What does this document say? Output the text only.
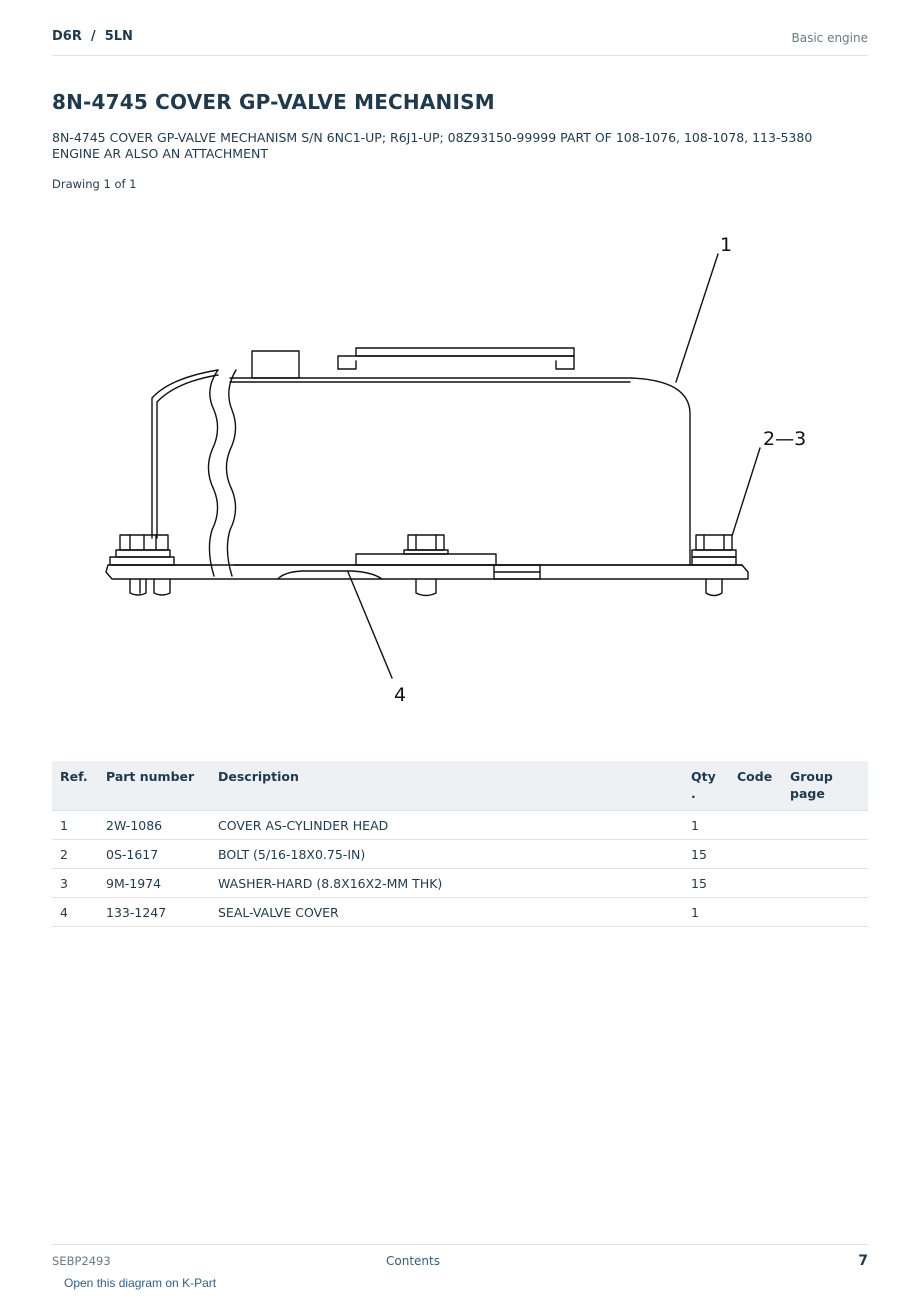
D6R  /  5LN	Basic engine
8N-4745 COVER GP-VALVE MECHANISM

8N-4745 COVER GP-VALVE MECHANISM S/N 6NC1-UP; R6J1-UP; 08Z93150-99999 PART OF 108-1076, 108-1078, 113-5380 ENGINE AR ALSO AN ATTACHMENT

Drawing 1 of 1
1
2—3
4
Ref.	Part number	Description	Qty .	Code	Group page
1	2W-1086	COVER AS-CYLINDER HEAD	1		
2	0S-1617	BOLT (5/16-18X0.75-IN)	15		
3	9M-1974	WASHER-HARD (8.8X16X2-MM THK)	15		
4	133-1247	SEAL-VALVE COVER	1		
SEBP2493	Contents	7
Open this diagram on K-Part
